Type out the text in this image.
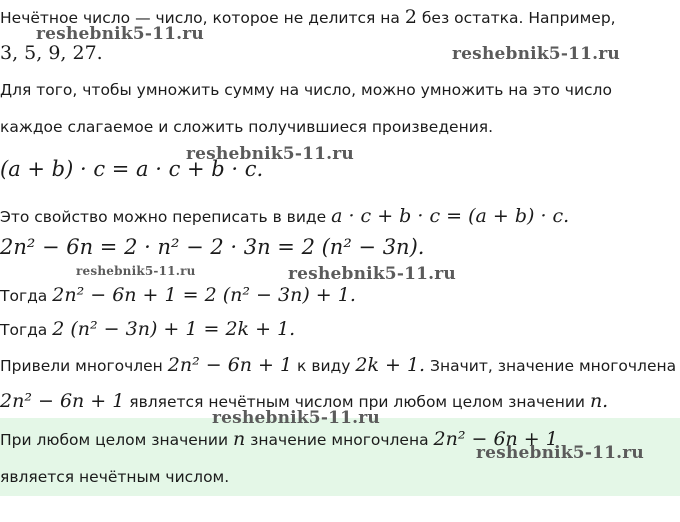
Нечётное число — число, которое не делится на 2 без остатка. Например,
3, 5, 9, 27.
Для того, чтобы умножить сумму на число, можно умножить на это число
каждое слагаемое и сложить получившиеся произведения.
(a + b) · c = a · c + b · c.
Это свойство можно переписать в виде a · c + b · c = (a + b) · c.
2n² − 6n = 2 · n² − 2 · 3n = 2 (n² − 3n).
Тогда 2n² − 6n + 1 = 2 (n² − 3n) + 1.
Тогда 2 (n² − 3n) + 1 = 2k + 1.
Привели многочлен 2n² − 6n + 1 к виду 2k + 1. Значит, значение многочлена
2n² − 6n + 1 является нечётным числом при любом целом значении n.
При любом целом значении n значение многочлена 2n² − 6n + 1
является нечётным числом.
reshebnik5-11.ru
reshebnik5-11.ru
reshebnik5-11.ru
reshebnik5-11.ru	reshebnik5-11.ru
reshebnik5-11.ru
reshebnik5-11.ru
